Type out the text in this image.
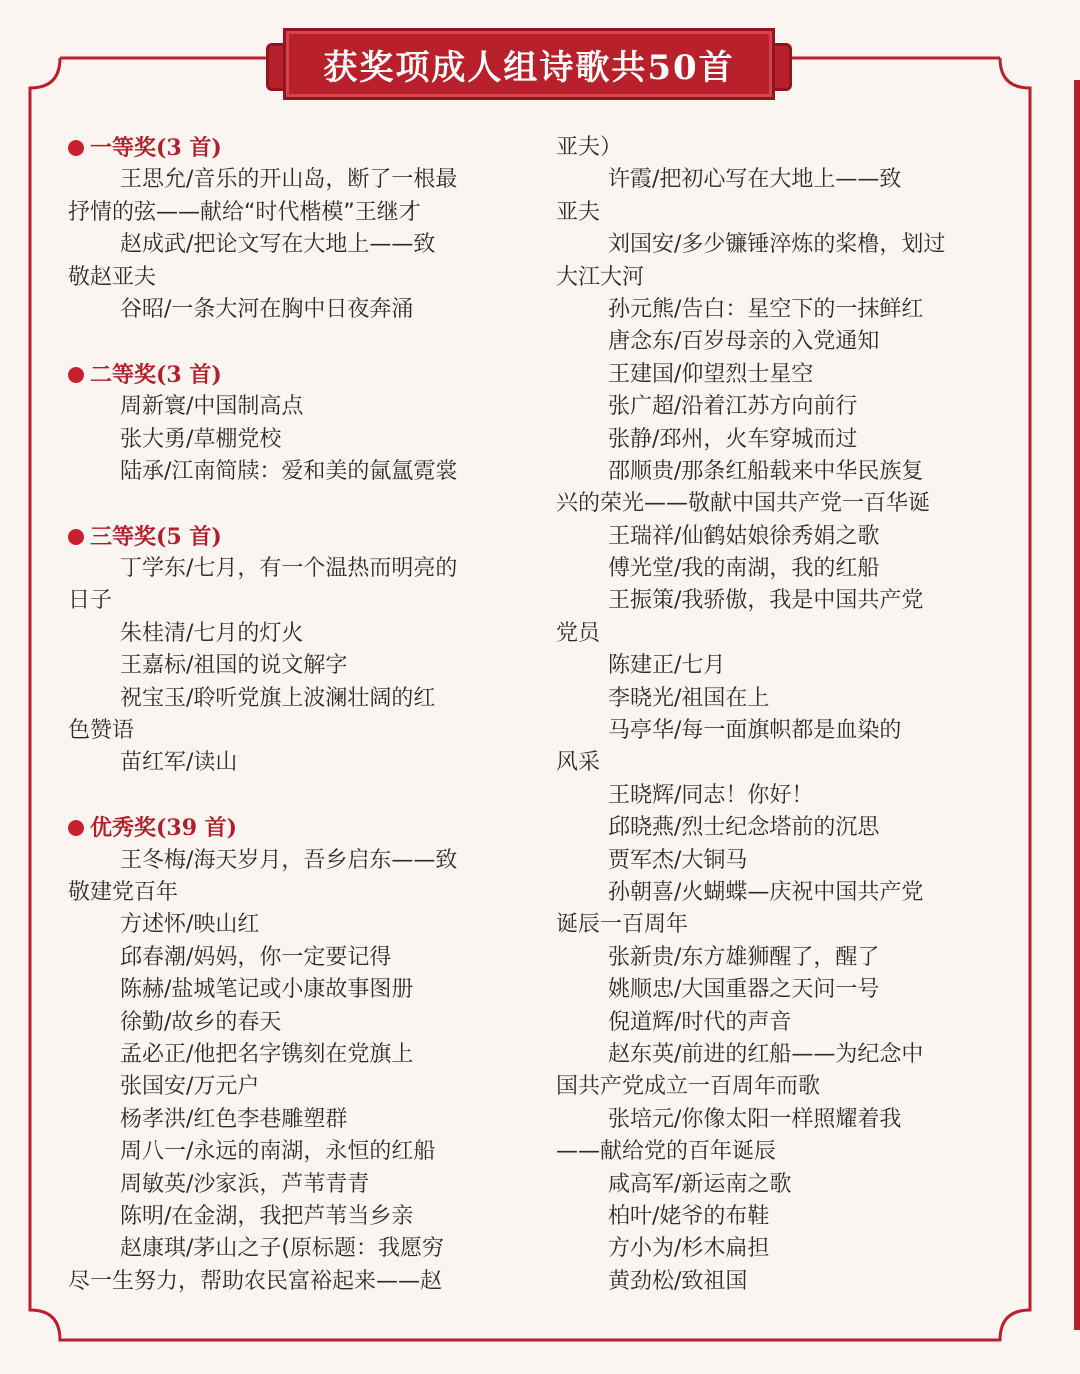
获奖项成人组诗歌共50首
一等奖(3 首)
王思允/音乐的开山岛，断了一根最
抒情的弦——献给“时代楷模”王继才
赵成武/把论文写在大地上——致
敬赵亚夫
谷昭/一条大河在胸中日夜奔涌
二等奖(3 首)
周新寰/中国制高点
张大勇/草棚党校
陆承/江南简牍：爱和美的氤氲霓裳
三等奖(5 首)
丁学东/七月，有一个温热而明亮的
日子
朱桂清/七月的灯火
王嘉标/祖国的说文解字
祝宝玉/聆听党旗上波澜壮阔的红
色赞语
苗红军/读山
优秀奖(39 首)
王冬梅/海天岁月，吾乡启东——致
敬建党百年
方述怀/映山红
邱春潮/妈妈，你一定要记得
陈赫/盐城笔记或小康故事图册
徐勤/故乡的春天
孟必正/他把名字镌刻在党旗上
张国安/万元户
杨孝洪/红色李巷雕塑群
周八一/永远的南湖，永恒的红船
周敏英/沙家浜，芦苇青青
陈明/在金湖，我把芦苇当乡亲
赵康琪/茅山之子(原标题：我愿穷
尽一生努力，帮助农民富裕起来——赵
亚夫）
许霞/把初心写在大地上——致
亚夫
刘国安/多少镰锤淬炼的桨橹，划过
大江大河
孙元熊/告白：星空下的一抹鲜红
唐念东/百岁母亲的入党通知
王建国/仰望烈士星空
张广超/沿着江苏方向前行
张静/邳州，火车穿城而过
邵顺贵/那条红船载来中华民族复
兴的荣光——敬献中国共产党一百华诞
王瑞祥/仙鹤姑娘徐秀娟之歌
傅光堂/我的南湖，我的红船
王振策/我骄傲，我是中国共产党
党员
陈建正/七月
李晓光/祖国在上
马亭华/每一面旗帜都是血染的
风采
王晓辉/同志！你好！
邱晓燕/烈士纪念塔前的沉思
贾军杰/大铜马
孙朝喜/火蝴蝶—庆祝中国共产党
诞辰一百周年
张新贵/东方雄狮醒了，醒了
姚顺忠/大国重器之天问一号
倪道辉/时代的声音
赵东英/前进的红船——为纪念中
国共产党成立一百周年而歌
张培元/你像太阳一样照耀着我
——献给党的百年诞辰
咸高军/新运南之歌
柏叶/姥爷的布鞋
方小为/杉木扁担
黄劲松/致祖国
